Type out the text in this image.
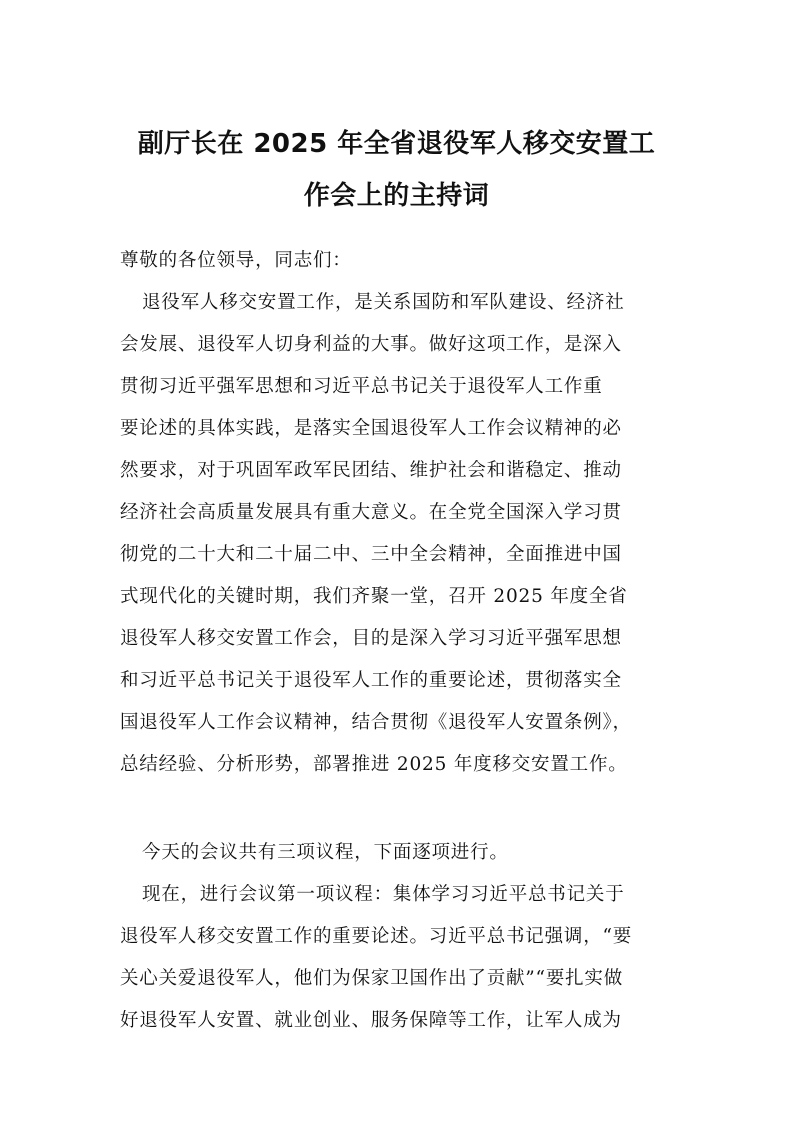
副厅长在 2025 年全省退役军人移交安置工
作会上的主持词
尊敬的各位领导，同志们：
退役军人移交安置工作，是关系国防和军队建设、经济社
会发展、退役军人切身利益的大事。做好这项工作，是深入
贯彻习近平强军思想和习近平总书记关于退役军人工作重
要论述的具体实践，是落实全国退役军人工作会议精神的必
然要求，对于巩固军政军民团结、维护社会和谐稳定、推动
经济社会高质量发展具有重大意义。在全党全国深入学习贯
彻党的二十大和二十届二中、三中全会精神，全面推进中国
式现代化的关键时期，我们齐聚一堂，召开 2025 年度全省
退役军人移交安置工作会，目的是深入学习习近平强军思想
和习近平总书记关于退役军人工作的重要论述，贯彻落实全
国退役军人工作会议精神，结合贯彻《退役军人安置条例》，
总结经验、分析形势，部署推进 2025 年度移交安置工作。
今天的会议共有三项议程，下面逐项进行。
现在，进行会议第一项议程：集体学习习近平总书记关于
退役军人移交安置工作的重要论述。习近平总书记强调，“要
关心关爱退役军人，他们为保家卫国作出了贡献”“要扎实做
好退役军人安置、就业创业、服务保障等工作，让军人成为
